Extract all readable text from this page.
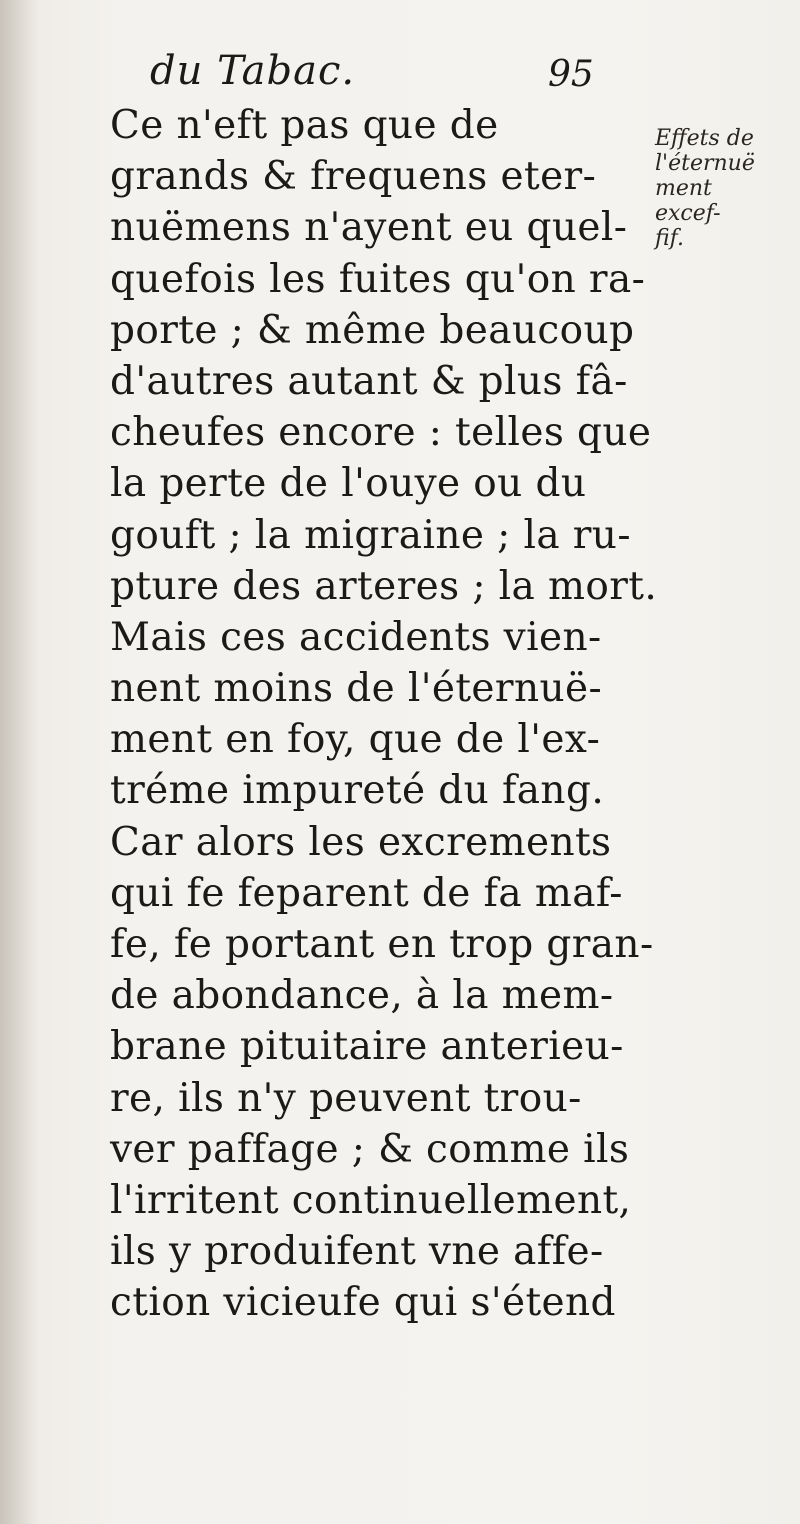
du Tabac.	95
Ce n'eft pas que de
grands & frequens eter-
nuëmens n'ayent eu quel-
quefois les fuites qu'on ra-
porte ; & même beaucoup
d'autres autant & plus fâ-
cheufes encore : telles que
la perte de l'ouye ou du
gouft ; la migraine ; la ru-
pture des arteres ; la mort.
Mais ces accidents vien-
nent moins de l'éternuë-
ment en foy, que de l'ex-
tréme impureté du fang.
Car alors les excrements
qui fe feparent de fa maf-
fe, fe portant en trop gran-
de abondance, à la mem-
brane pituitaire anterieu-
re, ils n'y peuvent trou-
ver paffage ; & comme ils
l'irritent continuellement,
ils y produifent vne affe-
ction vicieufe qui s'étend
Effets de
l'éternuë
ment
excef-
fif.
